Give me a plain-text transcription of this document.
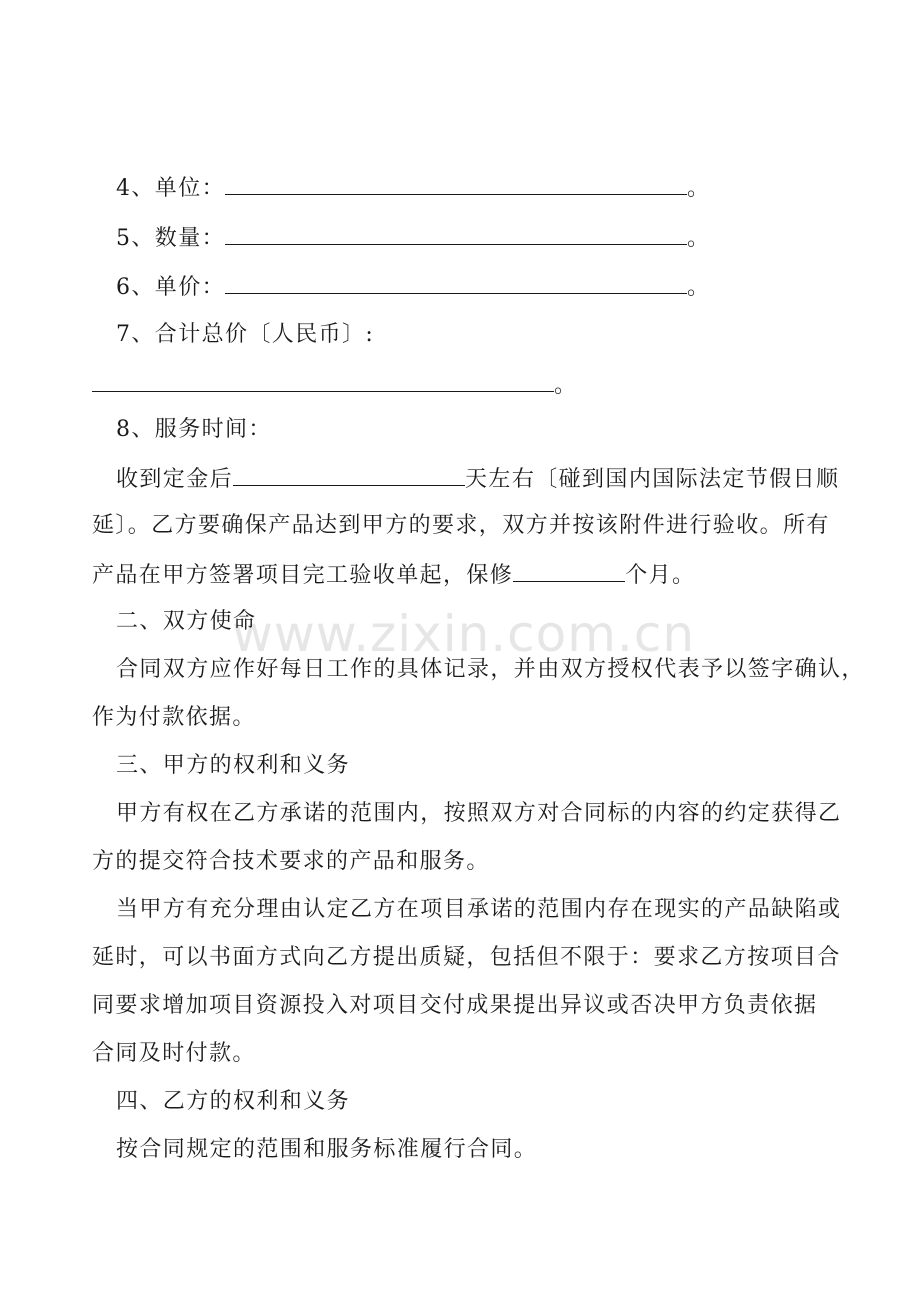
www.zixin.com.cn
4、单位：	。
5、数量：	。
6、单价：	。
7、合计总价〔人民币〕:
。
8、服务时间：
收到定金后	天左右〔碰到国内国际法定节假日顺
延〕。乙方要确保产品达到甲方的要求，双方并按该附件进行验收。所有
产品在甲方签署项目完工验收单起，保修	个月。
二、双方使命
合同双方应作好每日工作的具体记录，并由双方授权代表予以签字确认，
作为付款依据。
三、甲方的权利和义务
甲方有权在乙方承诺的范围内，按照双方对合同标的内容的约定获得乙
方的提交符合技术要求的产品和服务。
当甲方有充分理由认定乙方在项目承诺的范围内存在现实的产品缺陷或
延时，可以书面方式向乙方提出质疑，包括但不限于：要求乙方按项目合
同要求增加项目资源投入对项目交付成果提出异议或否决甲方负责依据
合同及时付款。
四、乙方的权利和义务
按合同规定的范围和服务标准履行合同。
